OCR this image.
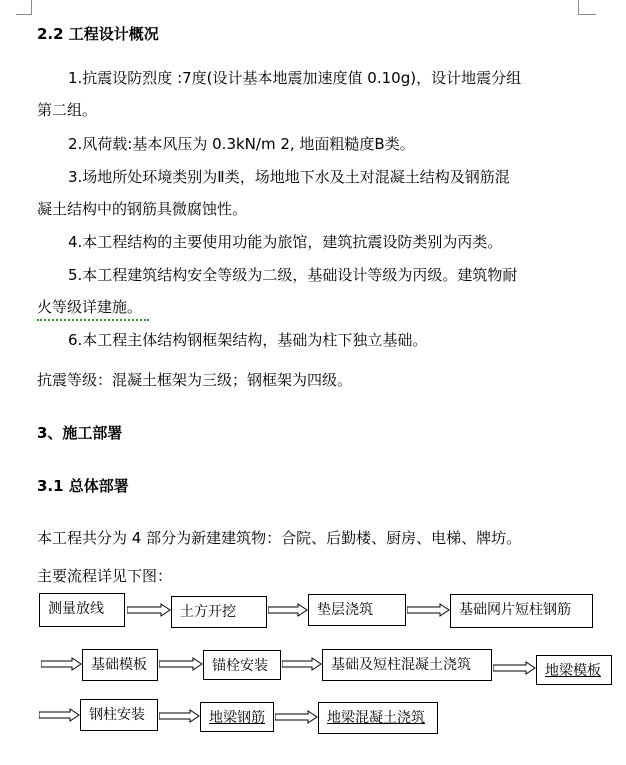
2.2 工程设计概况
1.抗震设防烈度 :7度(设计基本地震加速度值 0.10g)，设计地震分组
第二组。
2.风荷载:基本风压为 0.3kN/m 2, 地面粗糙度B类。
3.场地所处环境类别为Ⅱ类，场地地下水及土对混凝土结构及钢筋混
凝土结构中的钢筋具微腐蚀性。
4.本工程结构的主要使用功能为旅馆，建筑抗震设防类别为丙类。
5.本工程建筑结构安全等级为二级，基础设计等级为丙级。建筑物耐
火等级详建施。
6.本工程主体结构钢框架结构，基础为柱下独立基础。
抗震等级：混凝土框架为三级；钢框架为四级。
3、施工部署
3.1 总体部署
本工程共分为 4 部分为新建建筑物：合院、后勤楼、厨房、电梯、牌坊。
主要流程详见下图：
测量放线	土方开挖	垫层浇筑	基础网片短柱钢筋
基础模板	锚栓安装	基础及短柱混凝土浇筑	地梁模板
钢柱安装	地梁钢筋	地梁混凝土浇筑
